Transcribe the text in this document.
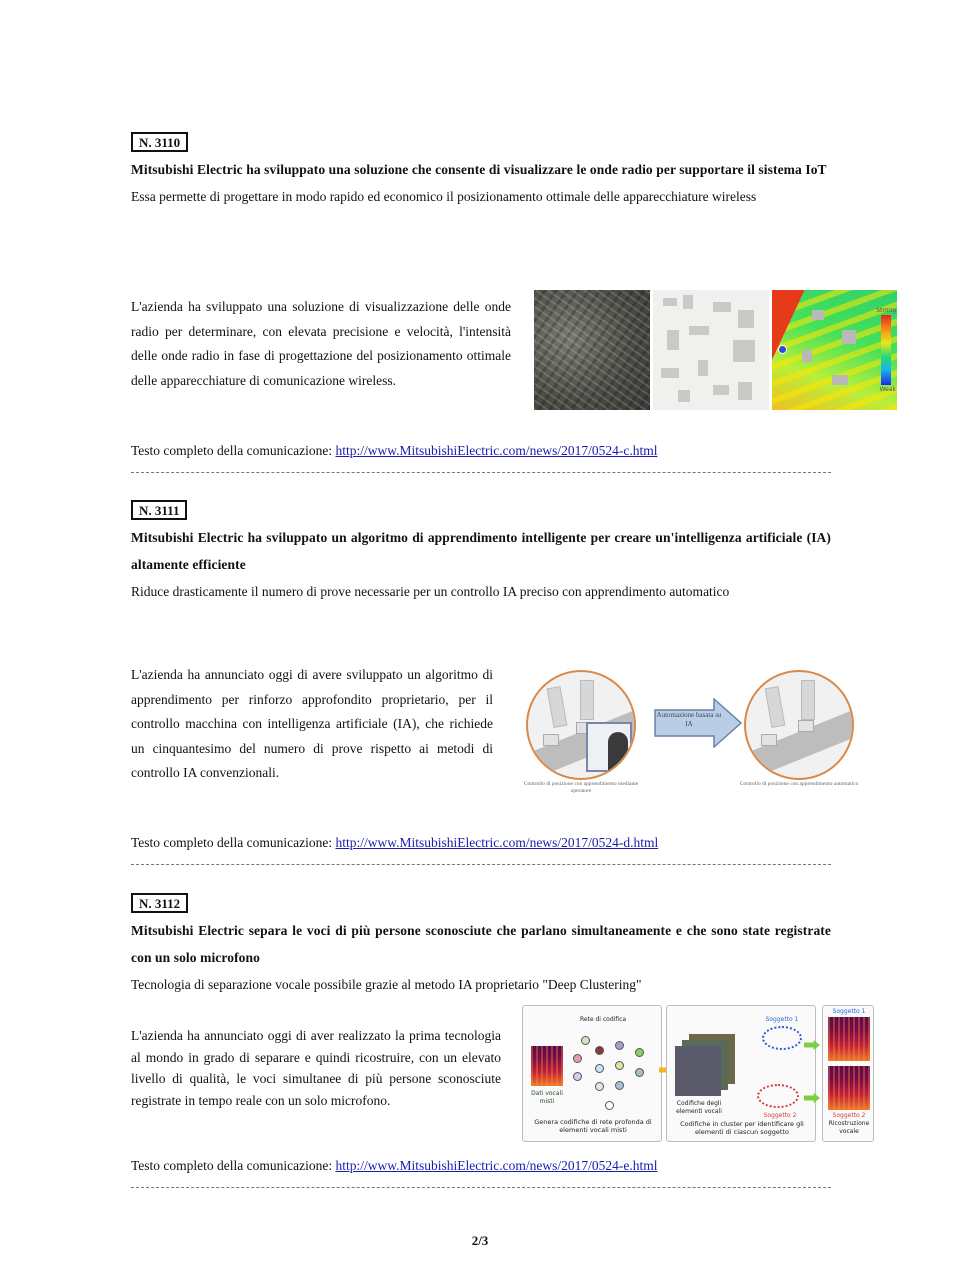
N. 3110
Mitsubishi Electric ha sviluppato una soluzione che consente di visualizzare le onde radio per supportare il sistema IoT
Essa permette di progettare in modo rapido ed economico il posizionamento ottimale delle apparecchiature wireless
L'azienda ha sviluppato una soluzione di visualizzazione delle onde radio per determinare, con elevata precisione e velocità, l'intensità delle onde radio in fase di progettazione del posizionamento ottimale delle apparecchiature di comunicazione wireless.
Strong
Weak
Testo completo della comunicazione: http://www.MitsubishiElectric.com/news/2017/0524-c.html
N. 3111
Mitsubishi Electric ha sviluppato un algoritmo di apprendimento intelligente per creare un'intelligenza artificiale (IA) altamente efficiente
Riduce drasticamente il numero di prove necessarie per un controllo IA preciso con apprendimento automatico
L'azienda ha annunciato oggi di avere sviluppato un algoritmo di apprendimento per rinforzo approfondito proprietario, per il controllo macchina con intelligenza artificiale (IA), che richiede un cinquantesimo del numero di prove rispetto ai metodi di controllo IA convenzionali.
Automazione basata su IA
Controllo di posizione con apprendimento mediante operatore
Controllo di posizione con apprendimento automatico
Testo completo della comunicazione: http://www.MitsubishiElectric.com/news/2017/0524-d.html
N. 3112
Mitsubishi Electric separa le voci di più persone sconosciute che parlano simultaneamente e che sono state registrate con un solo microfono
Tecnologia di separazione vocale possibile grazie al metodo IA proprietario "Deep Clustering"
L'azienda ha annunciato oggi di aver realizzato la prima tecnologia al mondo in grado di separare e quindi ricostruire, con un elevato livello di qualità, le voci simultanee di più persone sconosciute registrate in tempo reale con un solo microfono.
Rete di codifica
Dati vocali misti
Genera codifiche di rete profonda di elementi vocali misti
Codifiche degli elementi vocali
Soggetto 1
Soggetto 2
Codifiche in cluster per identificare gli elementi di ciascun soggetto
Soggetto 1
Soggetto 2
Ricostruzione vocale
Testo completo della comunicazione: http://www.MitsubishiElectric.com/news/2017/0524-e.html
2/3
